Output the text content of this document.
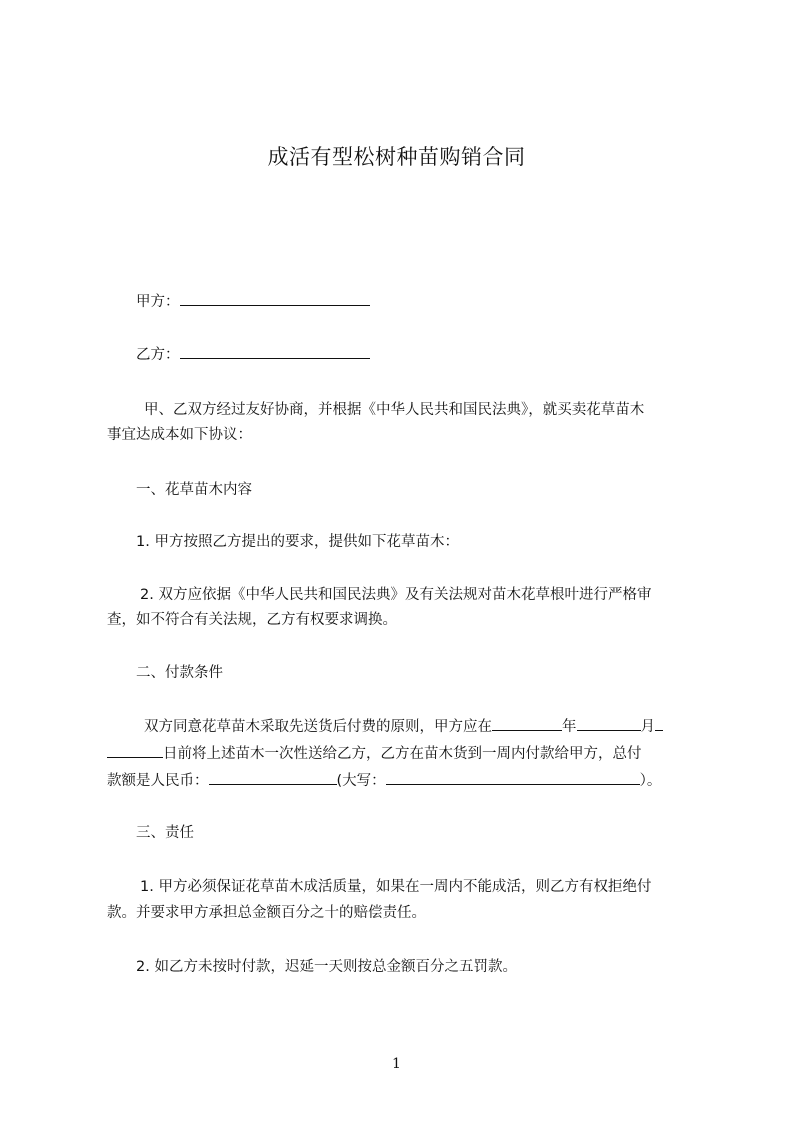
成活有型松树种苗购销合同
甲方：
乙方：
甲、乙双方经过友好协商，并根据《中华人民共和国民法典》，就买卖花草苗木
事宜达成本如下协议：
一、花草苗木内容
1. 甲方按照乙方提出的要求，提供如下花草苗木：
2. 双方应依据《中华人民共和国民法典》及有关法规对苗木花草根叶进行严格审
查，如不符合有关法规，乙方有权要求调换。
二、付款条件
双方同意花草苗木采取先送货后付费的原则，甲方应在	年	月
日前将上述苗木一次性送给乙方，乙方在苗木货到一周内付款给甲方，总付
款额是人民币：	(大写：	）。
三、责任
1. 甲方必须保证花草苗木成活质量，如果在一周内不能成活，则乙方有权拒绝付
款。并要求甲方承担总金额百分之十的赔偿责任。
2. 如乙方未按时付款，迟延一天则按总金额百分之五罚款。
1
